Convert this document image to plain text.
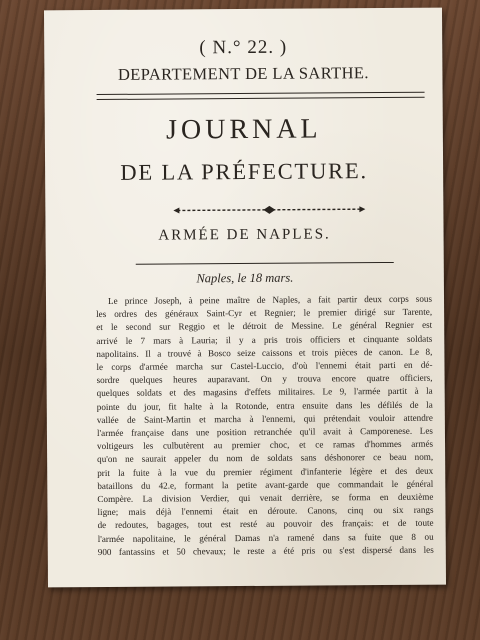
( N.° 22. )
DEPARTEMENT DE LA SARTHE.
JOURNAL
DE LA PRÉFECTURE.
ARMÉE DE NAPLES.
Naples, le 18 mars.
Le prince Joseph, à peine maître de Naples, a fait partir deux corps sous
les ordres des généraux Saint-Cyr et Regnier; le premier dirigé sur Tarente,
et le second sur Reggio et le détroit de Messine. Le général Regnier est
arrivé le 7 mars à Lauria; il y a pris trois officiers et cinquante soldats
napolitains. Il a trouvé à Bosco seize caissons et trois pièces de canon. Le 8,
le corps d'armée marcha sur Castel-Luccio, d'où l'ennemi était parti en dé-
sordre quelques heures auparavant. On y trouva encore quatre officiers,
quelques soldats et des magasins d'effets militaires. Le 9, l'armée partit à la
pointe du jour, fit halte à la Rotonde, entra ensuite dans les défilés de la
vallée de Saint-Martin et marcha à l'ennemi, qui prétendait vouloir attendre
l'armée française dans une position retranchée qu'il avait à Camporenese. Les
voltigeurs les culbutèrent au premier choc, et ce ramas d'hommes armés
qu'on ne saurait appeler du nom de soldats sans déshonorer ce beau nom,
prit la fuite à la vue du premier régiment d'infanterie légère et des deux
bataillons du 42.e, formant la petite avant-garde que commandait le général
Compère. La division Verdier, qui venait derrière, se forma en deuxième
ligne; mais déjà l'ennemi était en déroute. Canons, cinq ou six rangs
de redoutes, bagages, tout est resté au pouvoir des français: et de toute
l'armée napolitaine, le général Damas n'a ramené dans sa fuite que 8 ou
900 fantassins et 50 chevaux; le reste a été pris ou s'est dispersé dans les
